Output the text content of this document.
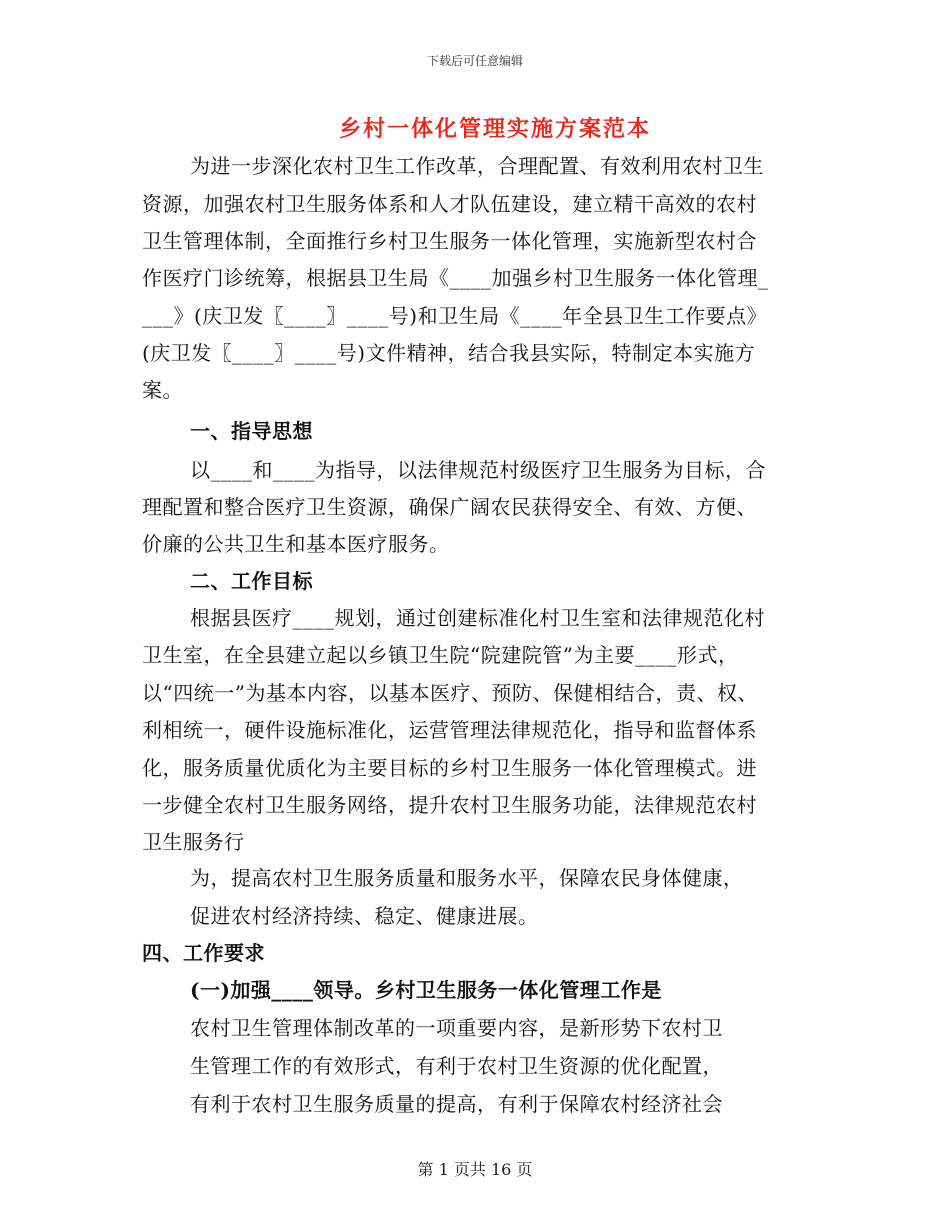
下载后可任意编辑
乡村一体化管理实施方案范本
为进一步深化农村卫生工作改革，合理配置、有效利用农村卫生
资源，加强农村卫生服务体系和人才队伍建设，建立精干高效的农村
卫生管理体制，全面推行乡村卫生服务一体化管理，实施新型农村合
作医疗门诊统筹，根据县卫生局《____加强乡村卫生服务一体化管理_
___》(庆卫发〖____〗____号)和卫生局《____年全县卫生工作要点》
(庆卫发〖____〗____号)文件精神，结合我县实际，特制定本实施方
案。
一、指导思想
以____和____为指导，以法律规范村级医疗卫生服务为目标，合
理配置和整合医疗卫生资源，确保广阔农民获得安全、有效、方便、
价廉的公共卫生和基本医疗服务。
二、工作目标
根据县医疗____规划，通过创建标准化村卫生室和法律规范化村
卫生室，在全县建立起以乡镇卫生院“院建院管”为主要____形式，
以“四统一”为基本内容，以基本医疗、预防、保健相结合，责、权、
利相统一，硬件设施标准化，运营管理法律规范化，指导和监督体系
化，服务质量优质化为主要目标的乡村卫生服务一体化管理模式。进
一步健全农村卫生服务网络，提升农村卫生服务功能，法律规范农村
卫生服务行
为，提高农村卫生服务质量和服务水平，保障农民身体健康，
促进农村经济持续、稳定、健康进展。
四、工作要求
(一)加强____领导。乡村卫生服务一体化管理工作是
农村卫生管理体制改革的一项重要内容，是新形势下农村卫
生管理工作的有效形式，有利于农村卫生资源的优化配置，
有利于农村卫生服务质量的提高，有利于保障农村经济社会
第 1 页共 16 页
